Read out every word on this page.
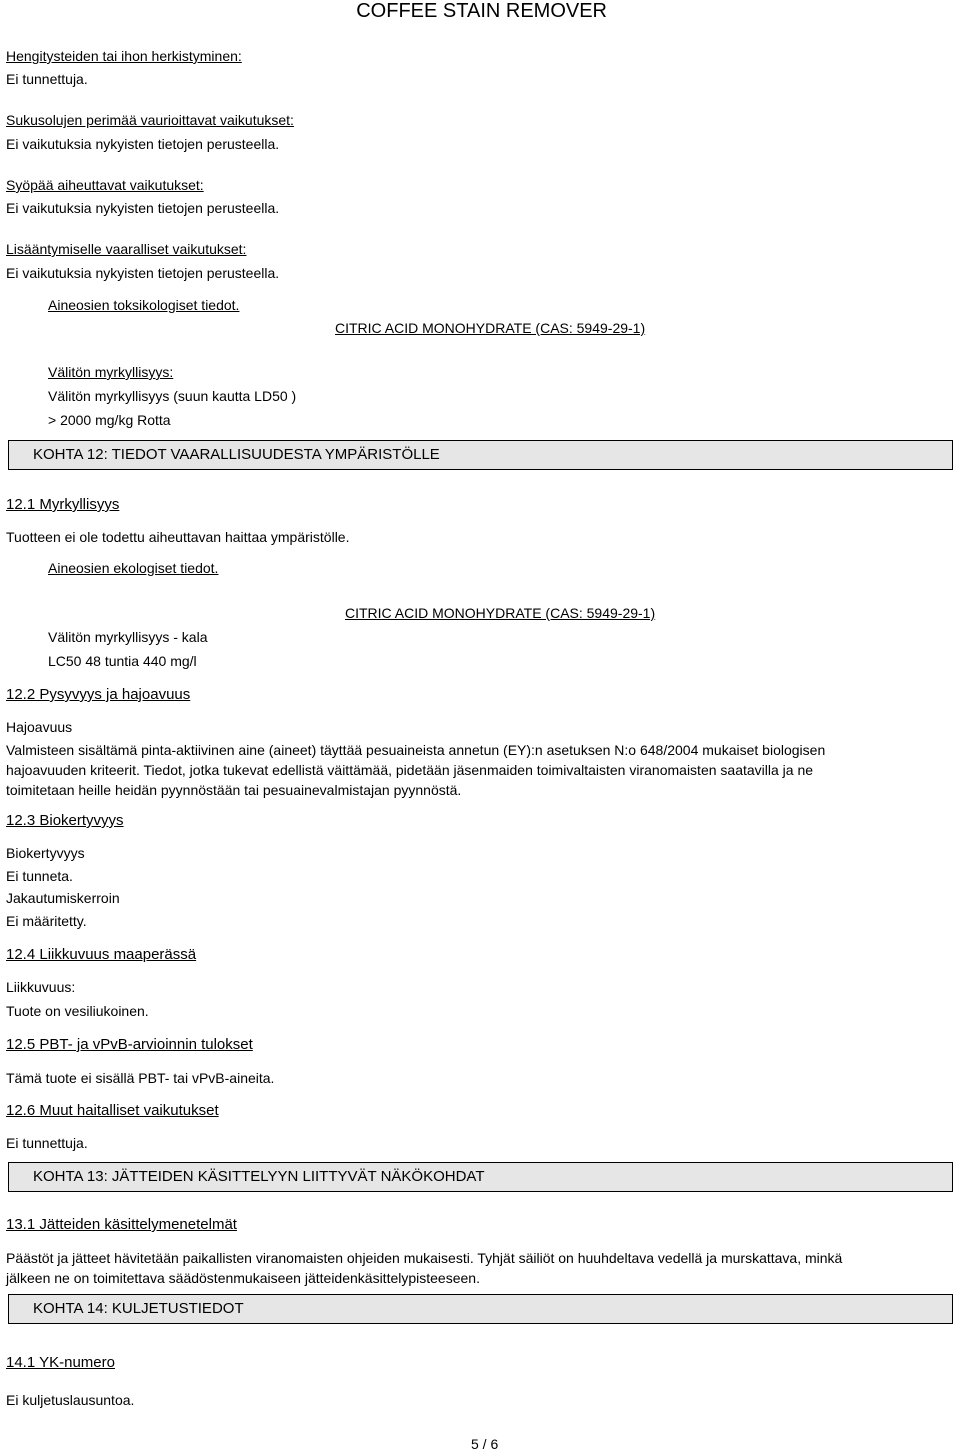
COFFEE STAIN REMOVER
Hengitysteiden tai ihon herkistyminen:
Ei tunnettuja.
Sukusolujen perimää vaurioittavat vaikutukset:
Ei vaikutuksia nykyisten tietojen perusteella.
Syöpää aiheuttavat vaikutukset:
Ei vaikutuksia nykyisten tietojen perusteella.
Lisääntymiselle vaaralliset vaikutukset:
Ei vaikutuksia nykyisten tietojen perusteella.
Aineosien toksikologiset tiedot.
CITRIC ACID MONOHYDRATE (CAS: 5949-29-1)
Välitön myrkyllisyys:
Välitön myrkyllisyys (suun kautta LD50 )
> 2000 mg/kg Rotta
KOHTA 12: TIEDOT VAARALLISUUDESTA YMPÄRISTÖLLE
12.1 Myrkyllisyys
Tuotteen ei ole todettu aiheuttavan haittaa ympäristölle.
Aineosien ekologiset tiedot.
CITRIC ACID MONOHYDRATE (CAS: 5949-29-1)
Välitön myrkyllisyys - kala
LC50 48 tuntia 440 mg/l
12.2 Pysyvyys ja hajoavuus
Hajoavuus
Valmisteen sisältämä pinta-aktiivinen aine (aineet) täyttää pesuaineista annetun (EY):n asetuksen N:o 648/2004 mukaiset biologisen hajoavuuden kriteerit. Tiedot, jotka tukevat edellistä väittämää, pidetään jäsenmaiden toimivaltaisten viranomaisten saatavilla ja ne toimitetaan heille heidän pyynnöstään tai pesuainevalmistajan pyynnöstä.
12.3 Biokertyvyys
Biokertyvyys
Ei tunneta.
Jakautumiskerroin
Ei määritetty.
12.4 Liikkuvuus maaperässä
Liikkuvuus:
Tuote on vesiliukoinen.
12.5 PBT- ja vPvB-arvioinnin tulokset
Tämä tuote ei sisällä PBT- tai vPvB-aineita.
12.6 Muut haitalliset vaikutukset
Ei tunnettuja.
KOHTA 13: JÄTTEIDEN KÄSITTELYYN LIITTYVÄT NÄKÖKOHDAT
13.1 Jätteiden käsittelymenetelmät
Päästöt ja jätteet hävitetään paikallisten viranomaisten ohjeiden mukaisesti. Tyhjät säiliöt on huuhdeltava vedellä ja murskattava, minkä jälkeen ne on toimitettava säädöstenmukaiseen jätteidenkäsittelypisteeseen.
KOHTA 14: KULJETUSTIEDOT
14.1 YK-numero
Ei kuljetuslausuntoa.
5 / 6
